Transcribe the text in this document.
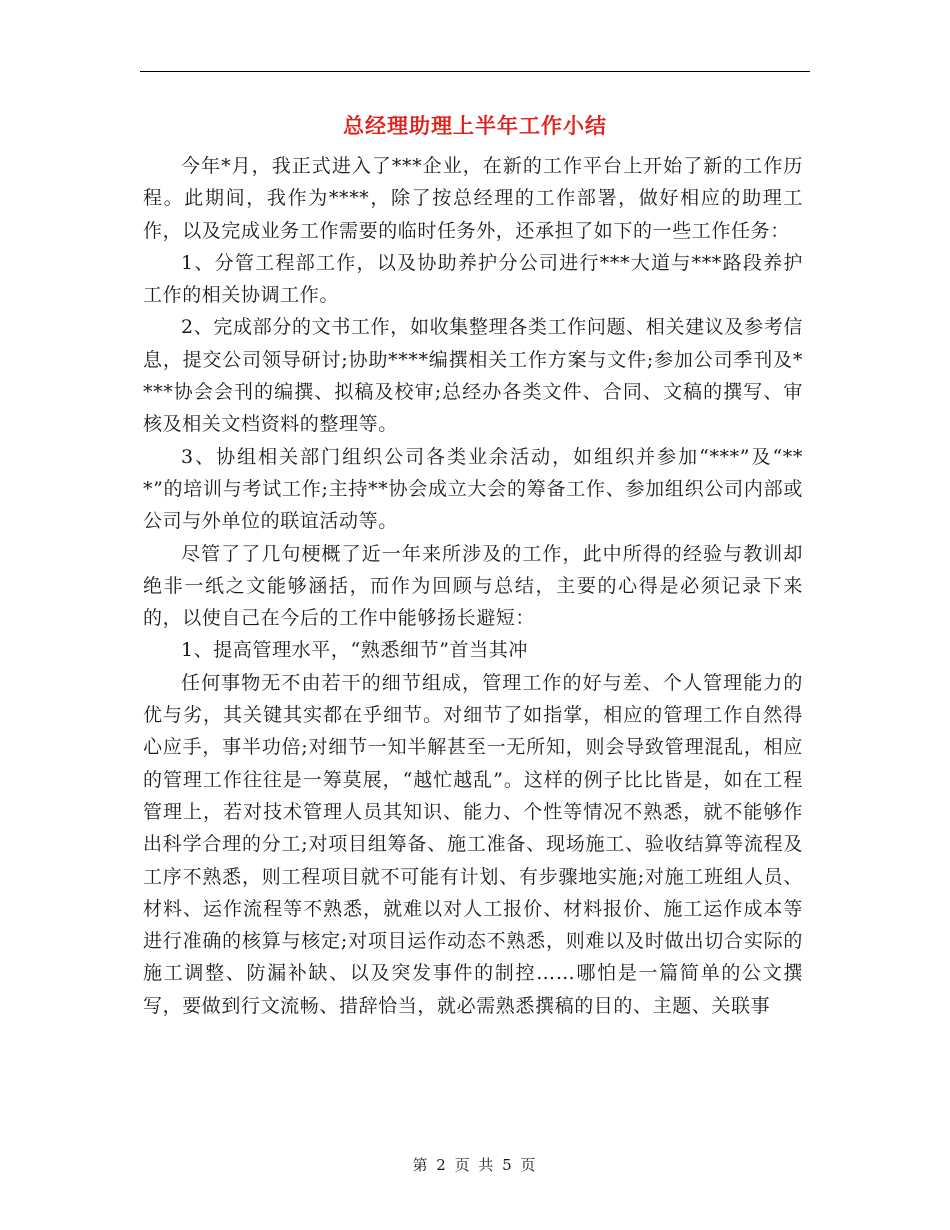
总经理助理上半年工作小结

今年*月，我正式进入了***企业，在新的工作平台上开始了新的工作历程。此期间，我作为****，除了按总经理的工作部署，做好相应的助理工作，以及完成业务工作需要的临时任务外，还承担了如下的一些工作任务：

1、分管工程部工作，以及协助养护分公司进行***大道与***路段养护工作的相关协调工作。

2、完成部分的文书工作，如收集整理各类工作问题、相关建议及参考信息，提交公司领导研讨;协助****编撰相关工作方案与文件;参加公司季刊及****协会会刊的编撰、拟稿及校审;总经办各类文件、合同、文稿的撰写、审核及相关文档资料的整理等。

3、协组相关部门组织公司各类业余活动，如组织并参加“***”及“***”的培训与考试工作;主持**协会成立大会的筹备工作、参加组织公司内部或公司与外单位的联谊活动等。

尽管了了几句梗概了近一年来所涉及的工作，此中所得的经验与教训却绝非一纸之文能够涵括，而作为回顾与总结，主要的心得是必须记录下来的，以使自己在今后的工作中能够扬长避短：

1、提高管理水平，“熟悉细节”首当其冲

任何事物无不由若干的细节组成，管理工作的好与差、个人管理能力的优与劣，其关键其实都在乎细节。对细节了如指掌，相应的管理工作自然得心应手，事半功倍;对细节一知半解甚至一无所知，则会导致管理混乱，相应的管理工作往往是一筹莫展，“越忙越乱”。这样的例子比比皆是，如在工程管理上，若对技术管理人员其知识、能力、个性等情况不熟悉，就不能够作出科学合理的分工;对项目组筹备、施工准备、现场施工、验收结算等流程及工序不熟悉，则工程项目就不可能有计划、有步骤地实施;对施工班组人员、材料、运作流程等不熟悉，就难以对人工报价、材料报价、施工运作成本等进行准确的核算与核定;对项目运作动态不熟悉，则难以及时做出切合实际的施工调整、防漏补缺、以及突发事件的制控……哪怕是一篇简单的公文撰写，要做到行文流畅、措辞恰当，就必需熟悉撰稿的目的、主题、关联事

第 2 页 共 5 页
